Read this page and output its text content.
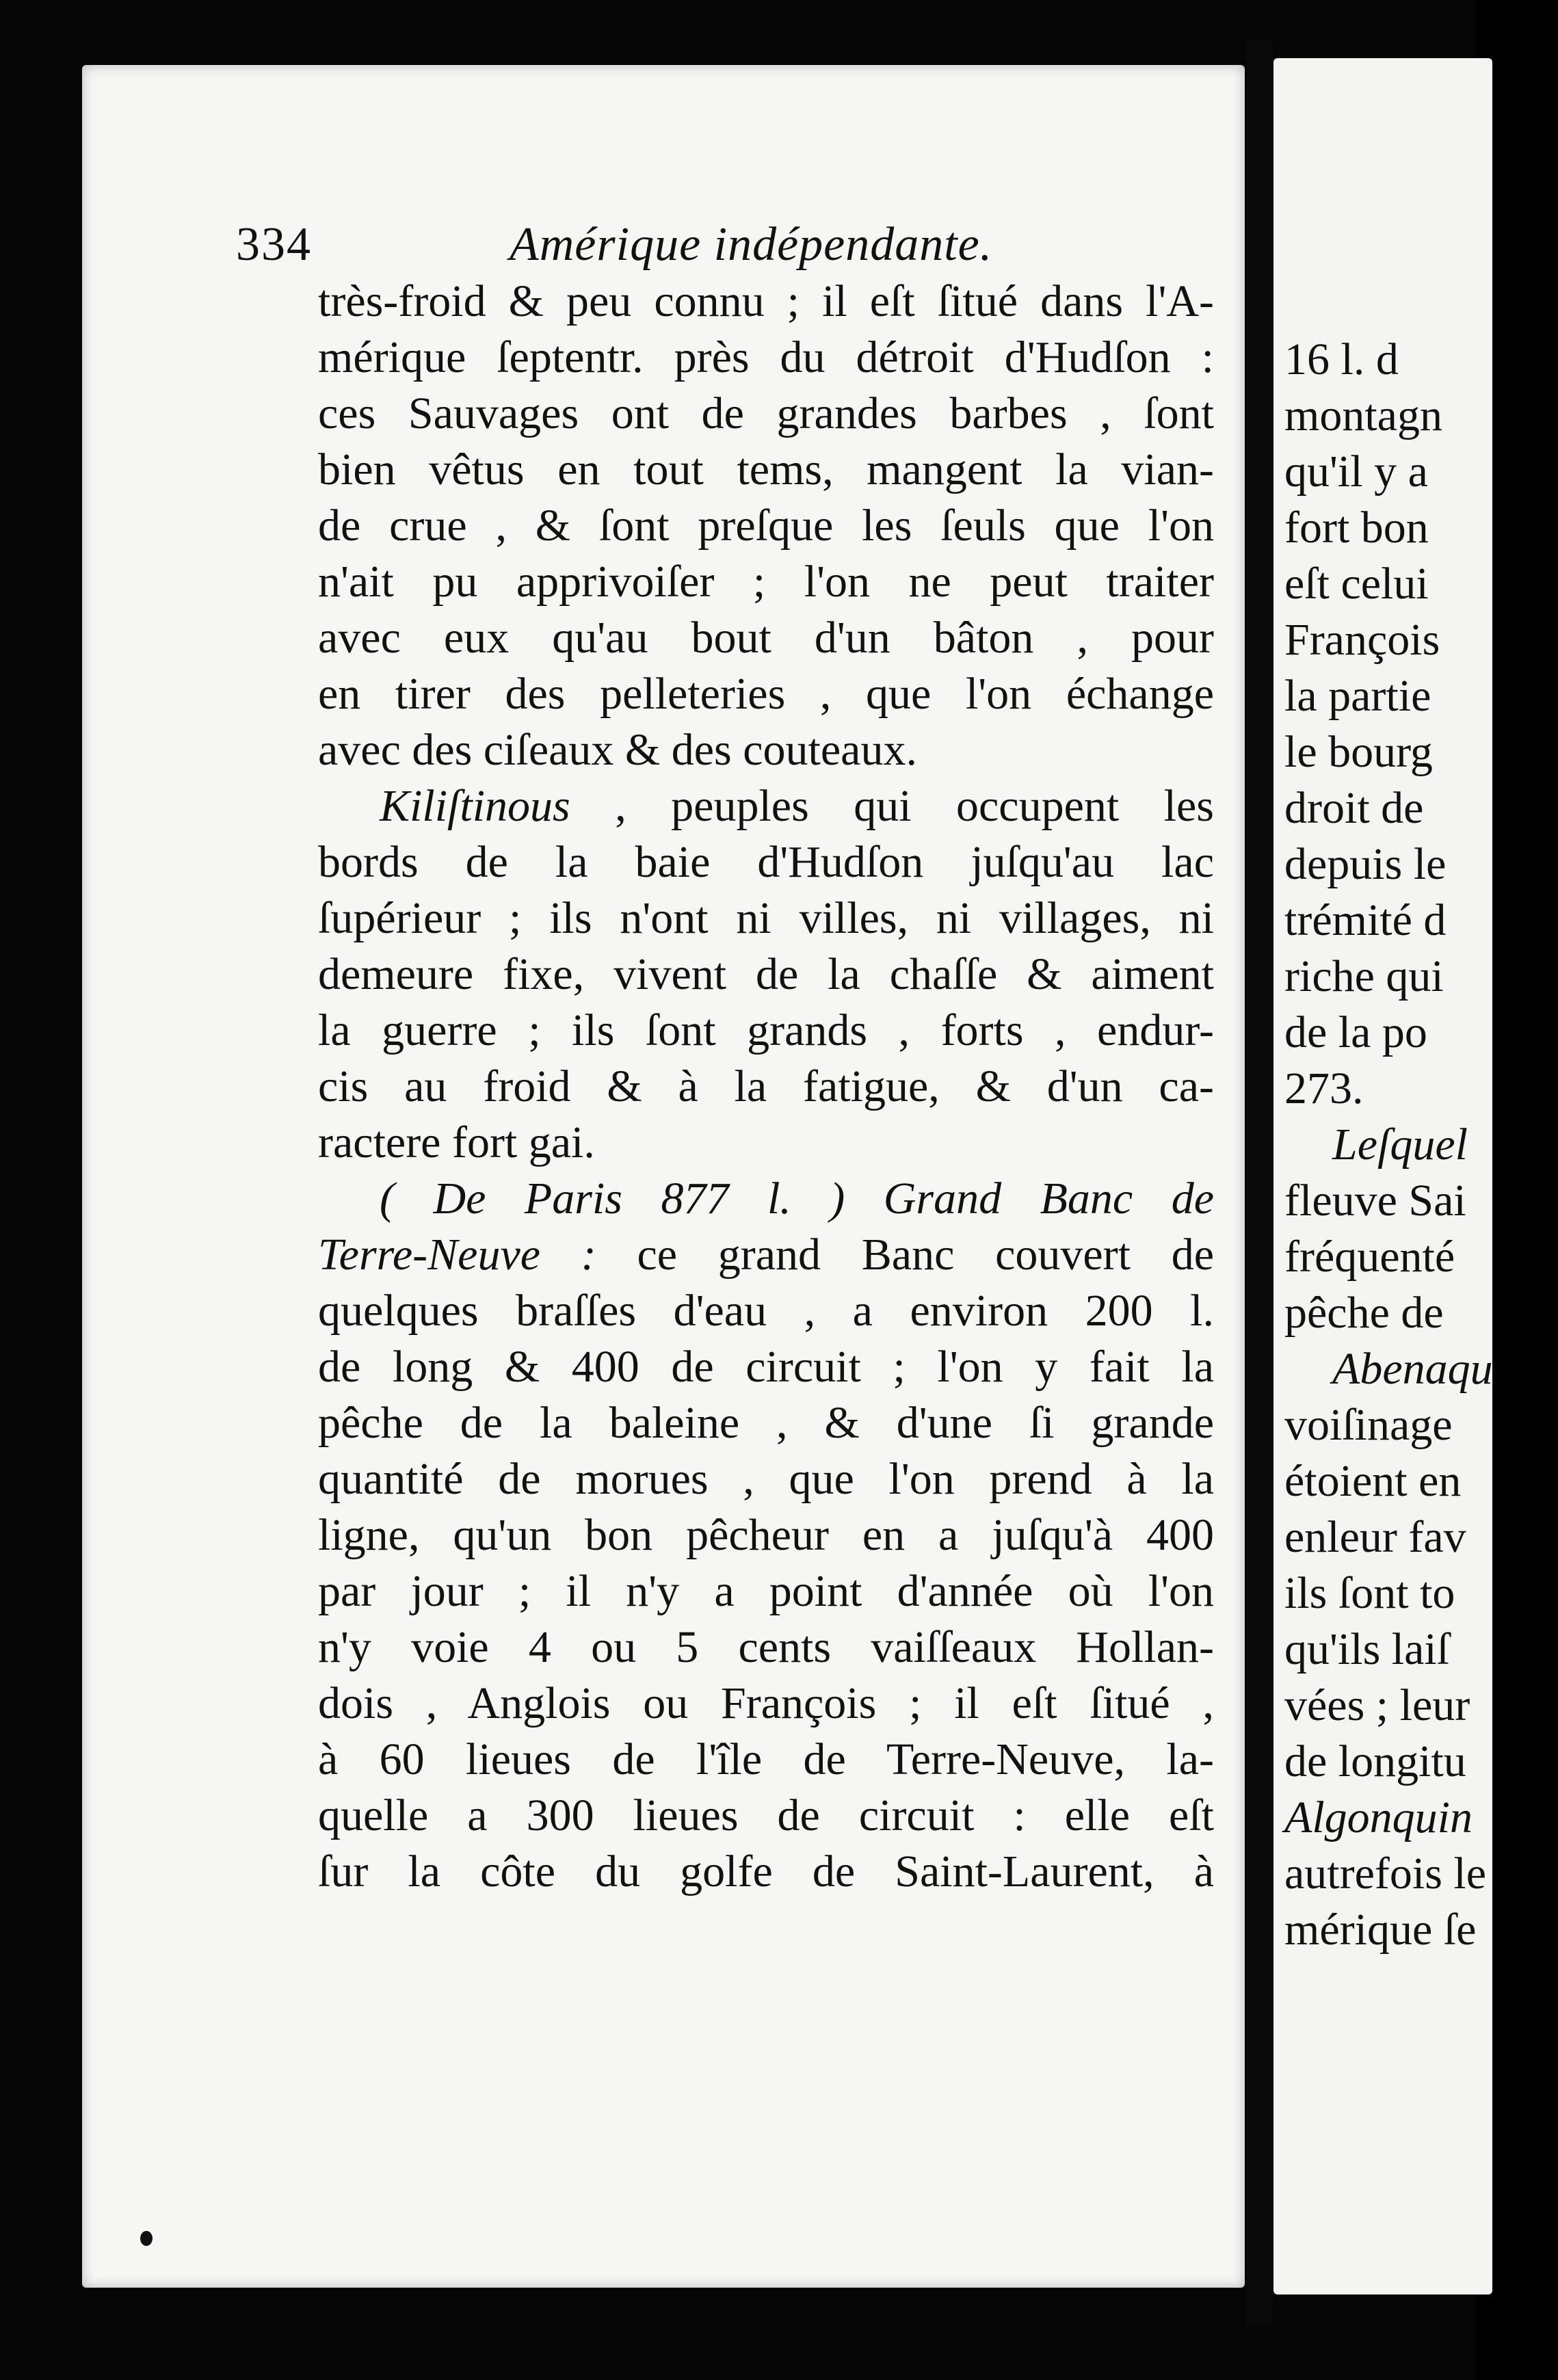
334	Amérique indépendante.
très-froid & peu connu ; il eſt ſitué dans l'A-
mérique ſeptentr. près du détroit d'Hudſon :
ces Sauvages ont de grandes barbes , ſont
bien vêtus en tout tems, mangent la vian-
de crue , & ſont preſque les ſeuls que l'on
n'ait pu apprivoiſer ; l'on ne peut traiter
avec eux qu'au bout d'un bâton , pour
en tirer des pelleteries , que l'on échange
avec des ciſeaux & des couteaux.
Kiliſtinous , peuples qui occupent les
bords de la baie d'Hudſon juſqu'au lac
ſupérieur ; ils n'ont ni villes, ni villages, ni
demeure fixe, vivent de la chaſſe & aiment
la guerre ; ils ſont grands , forts , endur-
cis au froid & à la fatigue, & d'un ca-
ractere fort gai.
( De Paris 877 l. ) Grand Banc de
Terre-Neuve : ce grand Banc couvert de
quelques braſſes d'eau , a environ 200 l.
de long & 400 de circuit ; l'on y fait la
pêche de la baleine , & d'une ſi grande
quantité de morues , que l'on prend à la
ligne, qu'un bon pêcheur en a juſqu'à 400
par jour ; il n'y a point d'année où l'on
n'y voie 4 ou 5 cents vaiſſeaux Hollan-
dois , Anglois ou François ; il eſt ſitué ,
à 60 lieues de l'île de Terre-Neuve, la-
quelle a 300 lieues de circuit : elle eſt
ſur la côte du golfe de Saint-Laurent, à
16 l. d
montagn
qu'il y a
fort bon
eſt celui
François
la partie
le bourg
droit de
depuis le
trémité d
riche qui
de la po
273.
Leſquel
fleuve Sai
fréquenté
pêche de
Abenaqu
voiſinage
étoient en
enleur fav
ils ſont to
qu'ils laiſ
vées ; leur
de longitu
Algonquin
autrefois le
mérique ſe
